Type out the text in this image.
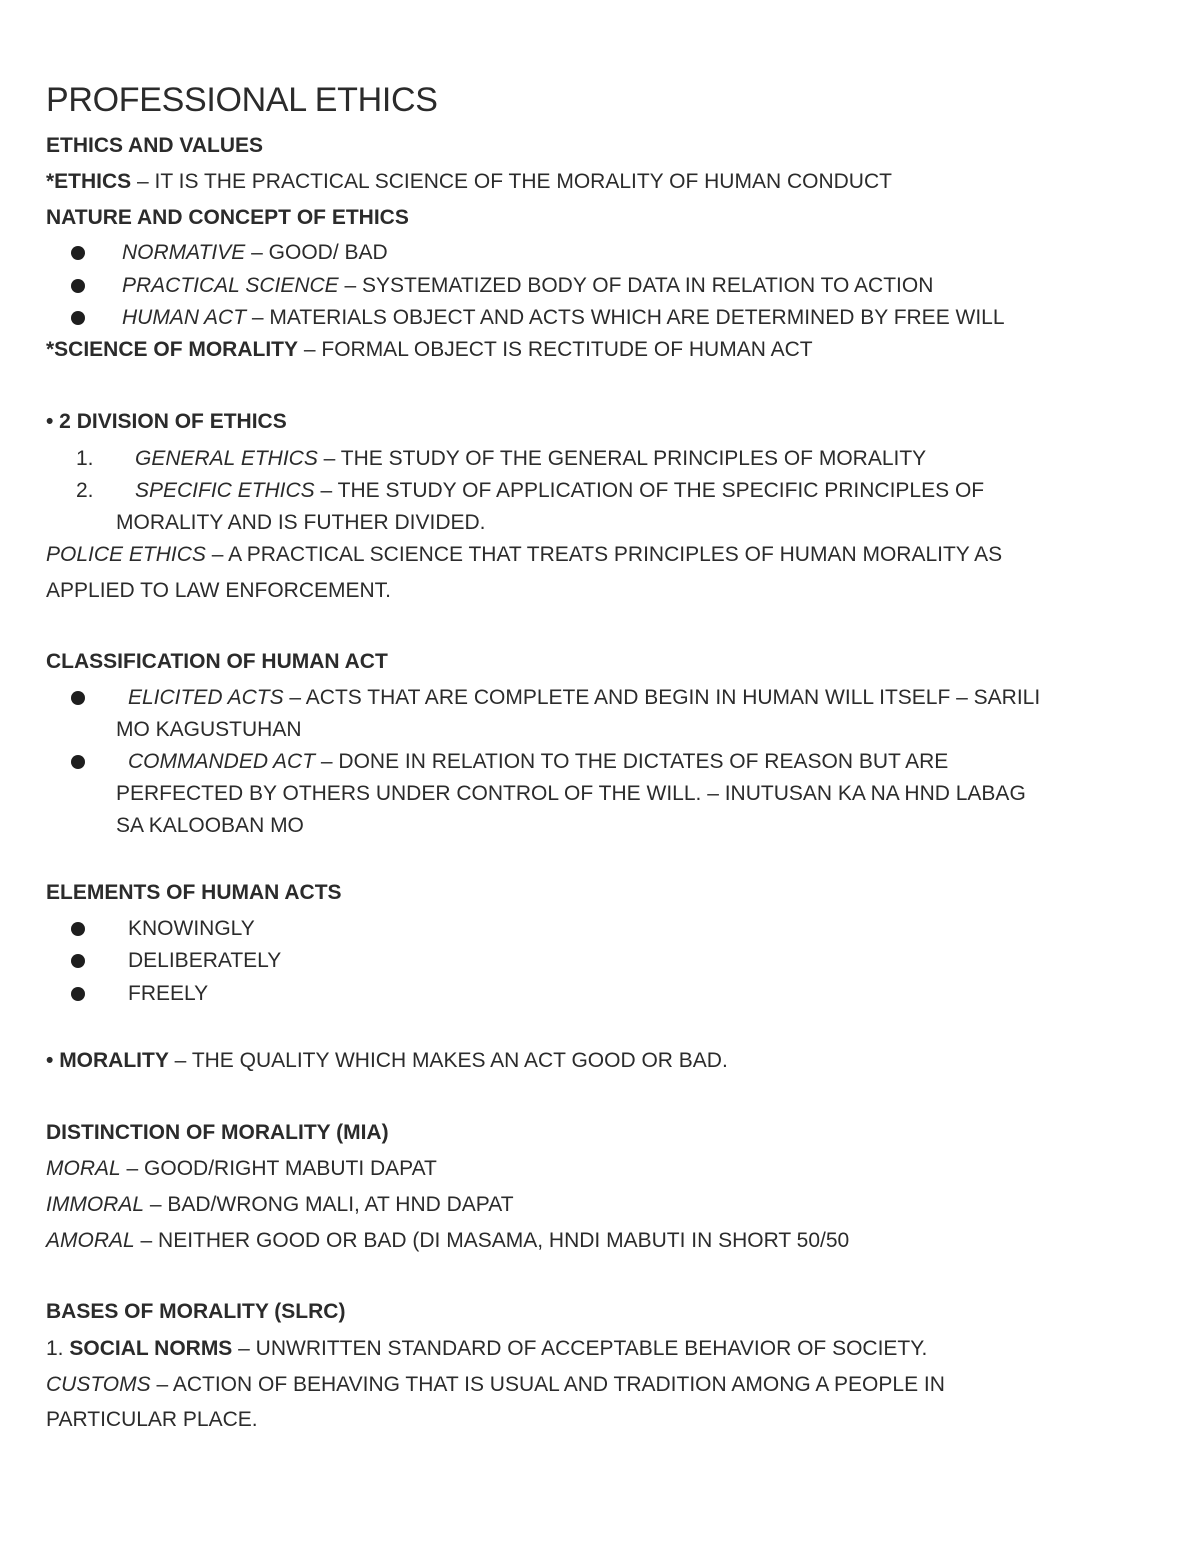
PROFESSIONAL ETHICS
ETHICS AND VALUES
*ETHICS – IT IS THE PRACTICAL SCIENCE OF THE MORALITY OF HUMAN CONDUCT
NATURE AND CONCEPT OF ETHICS
NORMATIVE – GOOD/ BAD
PRACTICAL SCIENCE – SYSTEMATIZED BODY OF DATA IN RELATION TO ACTION
HUMAN ACT – MATERIALS OBJECT AND ACTS WHICH ARE DETERMINED BY FREE WILL
*SCIENCE OF MORALITY – FORMAL OBJECT IS RECTITUDE OF HUMAN ACT
• 2 DIVISION OF ETHICS
1. GENERAL ETHICS – THE STUDY OF THE GENERAL PRINCIPLES OF MORALITY
2. SPECIFIC ETHICS – THE STUDY OF APPLICATION OF THE SPECIFIC PRINCIPLES OF
MORALITY AND IS FUTHER DIVIDED.
POLICE ETHICS – A PRACTICAL SCIENCE THAT TREATS PRINCIPLES OF HUMAN MORALITY AS
APPLIED TO LAW ENFORCEMENT.
CLASSIFICATION OF HUMAN ACT
ELICITED ACTS – ACTS THAT ARE COMPLETE AND BEGIN IN HUMAN WILL ITSELF – SARILI
MO KAGUSTUHAN
COMMANDED ACT – DONE IN RELATION TO THE DICTATES OF REASON BUT ARE
PERFECTED BY OTHERS UNDER CONTROL OF THE WILL. – INUTUSAN KA NA HND LABAG
SA KALOOBAN MO
ELEMENTS OF HUMAN ACTS
KNOWINGLY
DELIBERATELY
FREELY
• MORALITY – THE QUALITY WHICH MAKES AN ACT GOOD OR BAD.
DISTINCTION OF MORALITY (MIA)
MORAL – GOOD/RIGHT MABUTI DAPAT
IMMORAL – BAD/WRONG MALI, AT HND DAPAT
AMORAL – NEITHER GOOD OR BAD (DI MASAMA, HNDI MABUTI IN SHORT 50/50
BASES OF MORALITY (SLRC)
1. SOCIAL NORMS – UNWRITTEN STANDARD OF ACCEPTABLE BEHAVIOR OF SOCIETY.
CUSTOMS – ACTION OF BEHAVING THAT IS USUAL AND TRADITION AMONG A PEOPLE IN
PARTICULAR PLACE.
